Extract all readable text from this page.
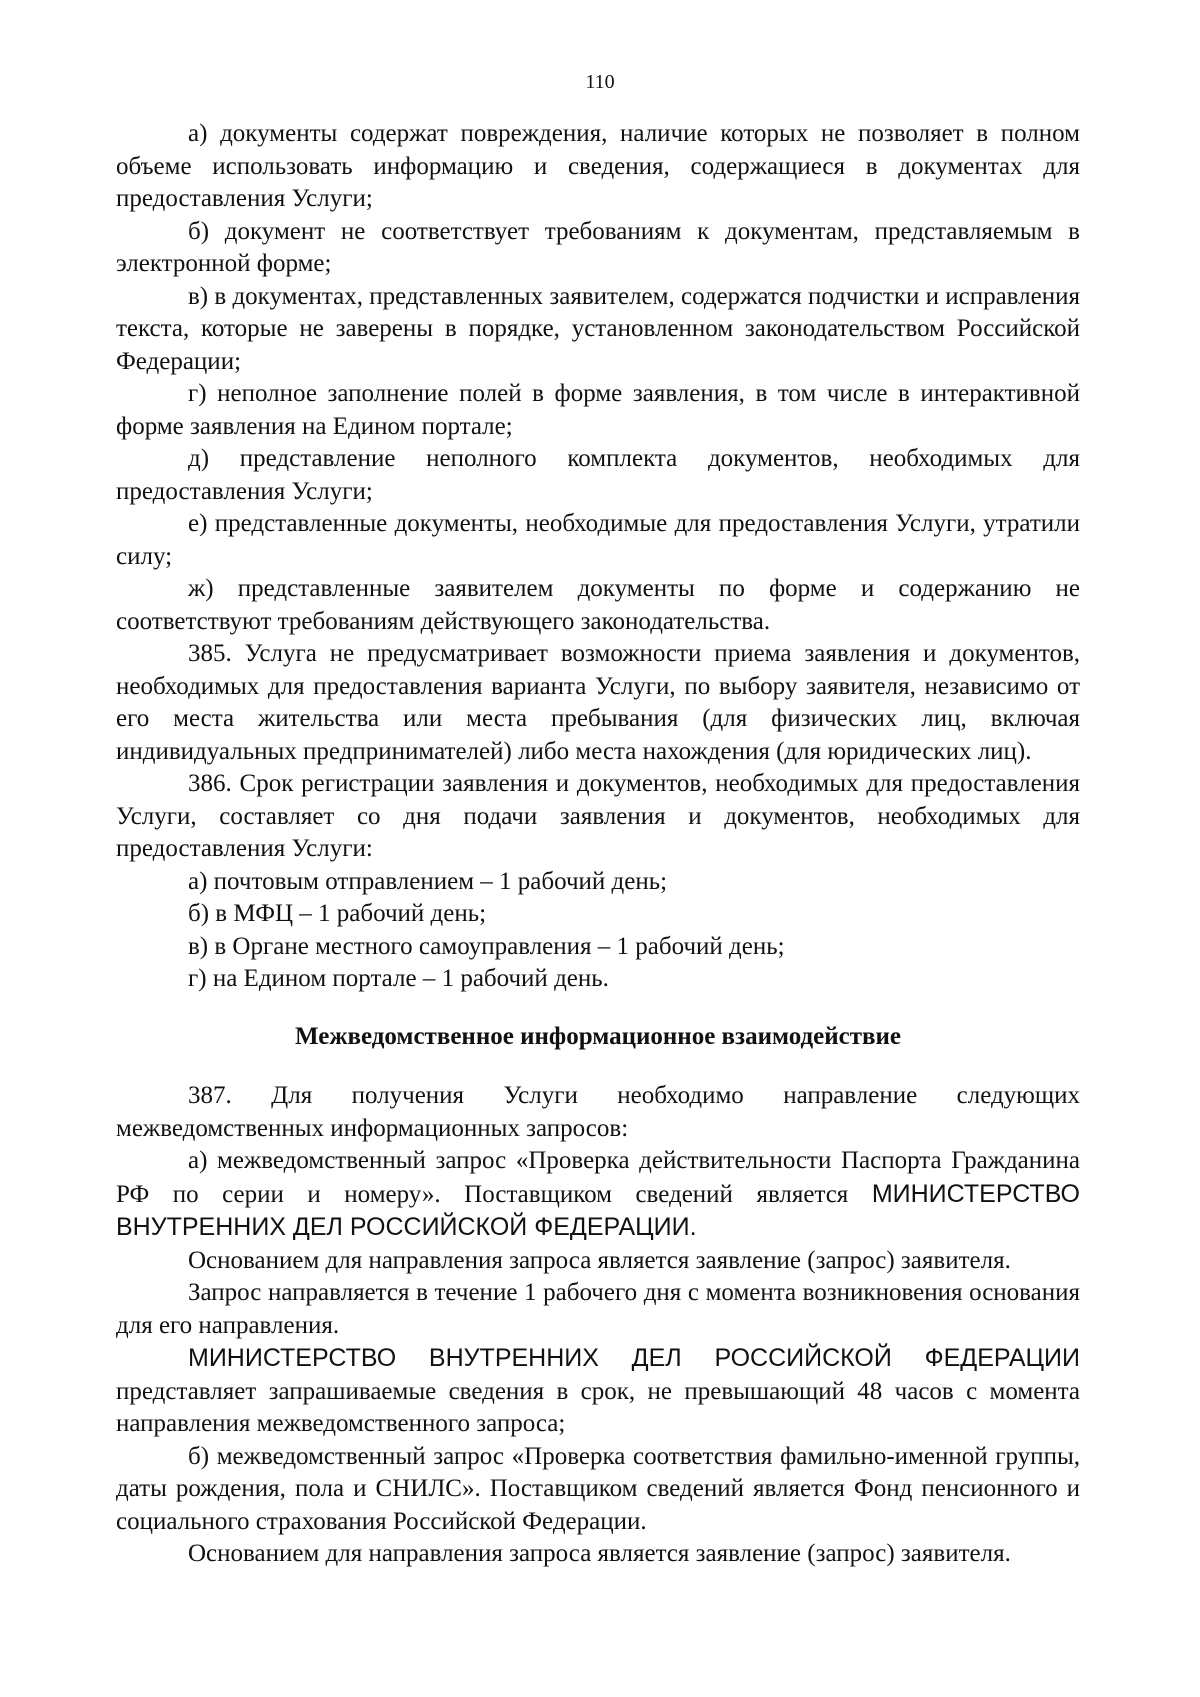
110

а) документы содержат повреждения, наличие которых не позволяет в полном объеме использовать информацию и сведения, содержащиеся в документах для предоставления Услуги;

б) документ не соответствует требованиям к документам, представляемым в электронной форме;

в) в документах, представленных заявителем, содержатся подчистки и исправления текста, которые не заверены в порядке, установленном законодательством Российской Федерации;

г) неполное заполнение полей в форме заявления, в том числе в интерактивной форме заявления на Едином портале;

д) представление неполного комплекта документов, необходимых для предоставления Услуги;

е) представленные документы, необходимые для предоставления Услуги, утратили силу;

ж) представленные заявителем документы по форме и содержанию не соответствуют требованиям действующего законодательства.

385. Услуга не предусматривает возможности приема заявления и документов, необходимых для предоставления варианта Услуги, по выбору заявителя, независимо от его места жительства или места пребывания (для физических лиц, включая индивидуальных предпринимателей) либо места нахождения (для юридических лиц).

386. Срок регистрации заявления и документов, необходимых для предоставления Услуги, составляет со дня подачи заявления и документов, необходимых для предоставления Услуги:

а) почтовым отправлением – 1 рабочий день;

б) в МФЦ – 1 рабочий день;

в) в Органе местного самоуправления – 1 рабочий день;

г) на Едином портале – 1 рабочий день.

Межведомственное информационное взаимодействие

387. Для получения Услуги необходимо направление следующих межведомственных информационных запросов:

а) межведомственный запрос «Проверка действительности Паспорта Гражданина РФ по серии и номеру». Поставщиком сведений является МИНИСТЕРСТВО ВНУТРЕННИХ ДЕЛ РОССИЙСКОЙ ФЕДЕРАЦИИ.

Основанием для направления запроса является заявление (запрос) заявителя.

Запрос направляется в течение 1 рабочего дня с момента возникновения основания для его направления.

МИНИСТЕРСТВО ВНУТРЕННИХ ДЕЛ РОССИЙСКОЙ ФЕДЕРАЦИИ представляет запрашиваемые сведения в срок, не превышающий 48 часов с момента направления межведомственного запроса;

б) межведомственный запрос «Проверка соответствия фамильно-именной группы, даты рождения, пола и СНИЛС». Поставщиком сведений является Фонд пенсионного и социального страхования Российской Федерации.

Основанием для направления запроса является заявление (запрос) заявителя.
